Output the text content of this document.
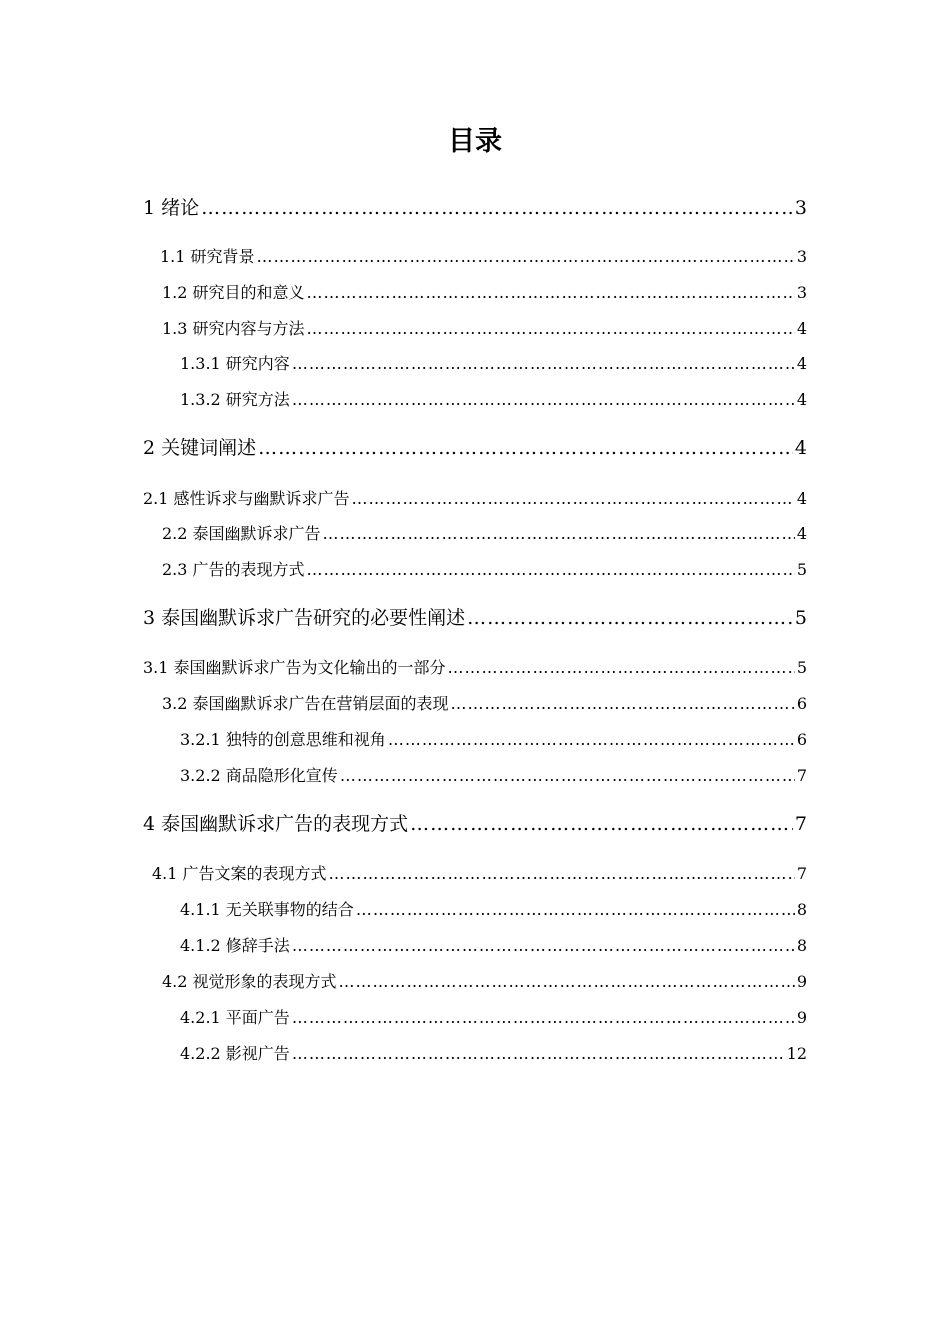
目录
1 绪论 ………………………………………………………………………………………………………………………………………………………………………………	3
1.1 研究背景 ………………………………………………………………………………………………………………………………………………………………………………	3
1.2 研究目的和意义 ………………………………………………………………………………………………………………………………………………………………………………	3
1.3 研究内容与方法 ………………………………………………………………………………………………………………………………………………………………………………	4
1.3.1 研究内容 ………………………………………………………………………………………………………………………………………………………………………………	4
1.3.2 研究方法 ………………………………………………………………………………………………………………………………………………………………………………	4
2 关键词阐述 ………………………………………………………………………………………………………………………………………………………………………………	4
2.1 感性诉求与幽默诉求广告 ………………………………………………………………………………………………………………………………………………………………………………	4
2.2 泰国幽默诉求广告 ………………………………………………………………………………………………………………………………………………………………………………	4
2.3 广告的表现方式 ………………………………………………………………………………………………………………………………………………………………………………	5
3 泰国幽默诉求广告研究的必要性阐述 ………………………………………………………………………………………………………………………………………………………………………………	5
3.1 泰国幽默诉求广告为文化输出的一部分 ………………………………………………………………………………………………………………………………………………………………………………	5
3.2 泰国幽默诉求广告在营销层面的表现 ………………………………………………………………………………………………………………………………………………………………………………	6
3.2.1 独特的创意思维和视角 ………………………………………………………………………………………………………………………………………………………………………………	6
3.2.2 商品隐形化宣传 ………………………………………………………………………………………………………………………………………………………………………………	7
4 泰国幽默诉求广告的表现方式 ………………………………………………………………………………………………………………………………………………………………………………	7
4.1 广告文案的表现方式 ………………………………………………………………………………………………………………………………………………………………………………	7
4.1.1 无关联事物的结合 ………………………………………………………………………………………………………………………………………………………………………………	8
4.1.2 修辞手法 ………………………………………………………………………………………………………………………………………………………………………………	8
4.2 视觉形象的表现方式 ………………………………………………………………………………………………………………………………………………………………………………	9
4.2.1 平面广告 ………………………………………………………………………………………………………………………………………………………………………………	9
4.2.2 影视广告 ………………………………………………………………………………………………………………………………………………………………………………	12
